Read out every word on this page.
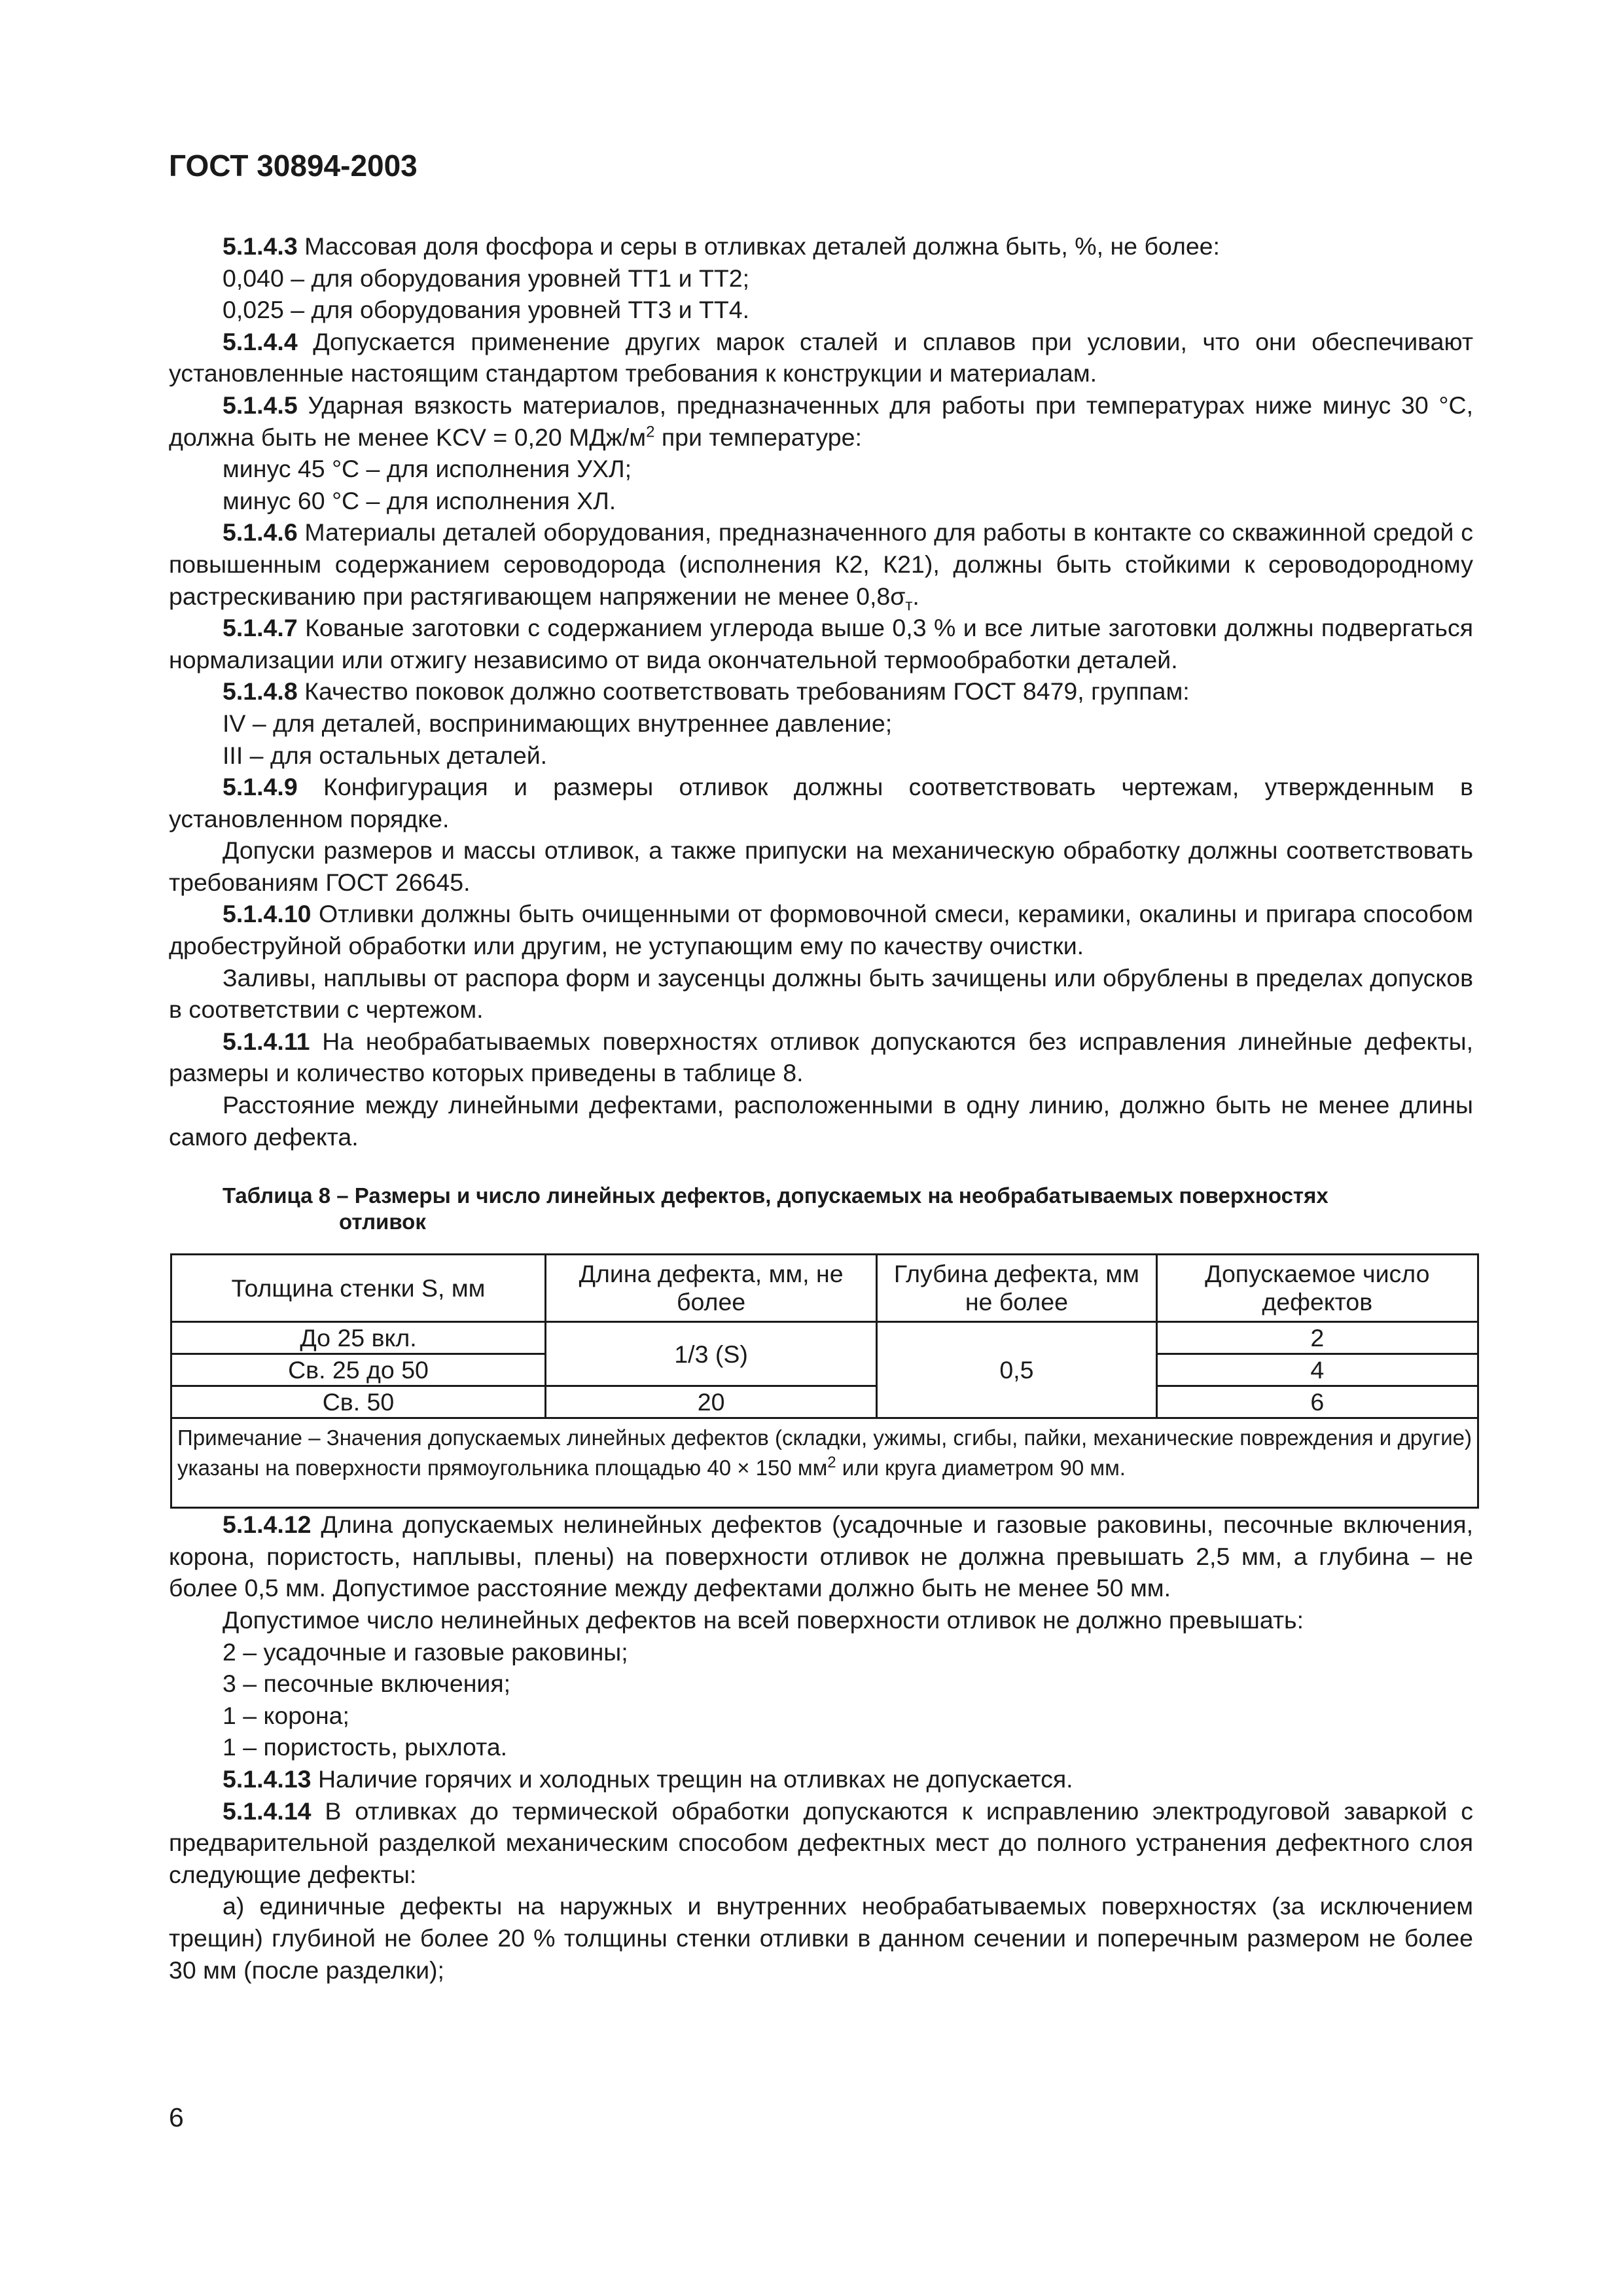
ГОСТ 30894-2003

5.1.4.3 Массовая доля фосфора и серы в отливках деталей должна быть, %, не более:

0,040 – для оборудования уровней ТТ1 и ТТ2;

0,025 – для оборудования уровней ТТ3 и ТТ4.

5.1.4.4 Допускается применение других марок сталей и сплавов при условии, что они обеспечивают установленные настоящим стандартом требования к конструкции и материалам.

5.1.4.5 Ударная вязкость материалов, предназначенных для работы при температурах ниже минус 30 °С, должна быть не менее KCV = 0,20 МДж/$м^2$ при температуре:

минус 45 °С – для исполнения УХЛ;

минус 60 °С – для исполнения ХЛ.

5.1.4.6 Материалы деталей оборудования, предназначенного для работы в контакте со скважинной средой с повышенным содержанием сероводорода (исполнения К2, К21), должны быть стойкими к сероводородному растрескиванию при растягивающем напряжении не менее $0,8\sigma_т$.

5.1.4.7 Кованые заготовки с содержанием углерода выше 0,3 % и все литые заготовки должны подвергаться нормализации или отжигу независимо от вида окончательной термообработки деталей.

5.1.4.8 Качество поковок должно соответствовать требованиям ГОСТ 8479, группам:

IV – для деталей, воспринимающих внутреннее давление;

III – для остальных деталей.

5.1.4.9 Конфигурация и размеры отливок должны соответствовать чертежам, утвержденным в установленном порядке.

Допуски размеров и массы отливок, а также припуски на механическую обработку должны соответствовать требованиям ГОСТ 26645.

5.1.4.10 Отливки должны быть очищенными от формовочной смеси, керамики, окалины и пригара способом дробеструйной обработки или другим, не уступающим ему по качеству очистки.

Заливы, наплывы от распора форм и заусенцы должны быть зачищены или обрублены в пределах допусков в соответствии с чертежом.

5.1.4.11 На необрабатываемых поверхностях отливок допускаются без исправления линейные дефекты, размеры и количество которых приведены в таблице 8.

Расстояние между линейными дефектами, расположенными в одну линию, должно быть не менее длины самого дефекта.

Таблица 8 – Размеры и число линейных дефектов, допускаемых на необрабатываемых поверхностях
отливок
Толщина стенки S, мм	Длина дефекта, мм, не более	Глубина дефекта, мм не более	Допускаемое число дефектов
До 25 вкл.	1/3 (S)	0,5	2
Св. 25 до 50			4
Св. 50	20		6
Примечание – Значения допускаемых линейных дефектов (складки, ужимы, сгибы, пайки, механические повреждения и другие) указаны на поверхности прямоугольника площадью 40 × 150 $мм^2$ или круга диаметром 90 мм.			

5.1.4.12 Длина допускаемых нелинейных дефектов (усадочные и газовые раковины, песочные включения, корона, пористость, наплывы, плены) на поверхности отливок не должна превышать 2,5 мм, а глубина – не более 0,5 мм. Допустимое расстояние между дефектами должно быть не менее 50 мм.

Допустимое число нелинейных дефектов на всей поверхности отливок не должно превышать:

2 – усадочные и газовые раковины;

3 – песочные включения;

1 – корона;

1 – пористость, рыхлота.

5.1.4.13 Наличие горячих и холодных трещин на отливках не допускается.

5.1.4.14 В отливках до термической обработки допускаются к исправлению электродуговой заваркой с предварительной разделкой механическим способом дефектных мест до полного устранения дефектного слоя следующие дефекты:

а) единичные дефекты на наружных и внутренних необрабатываемых поверхностях (за исключением трещин) глубиной не более 20 % толщины стенки отливки в данном сечении и поперечным размером не более 30 мм (после разделки);

6
